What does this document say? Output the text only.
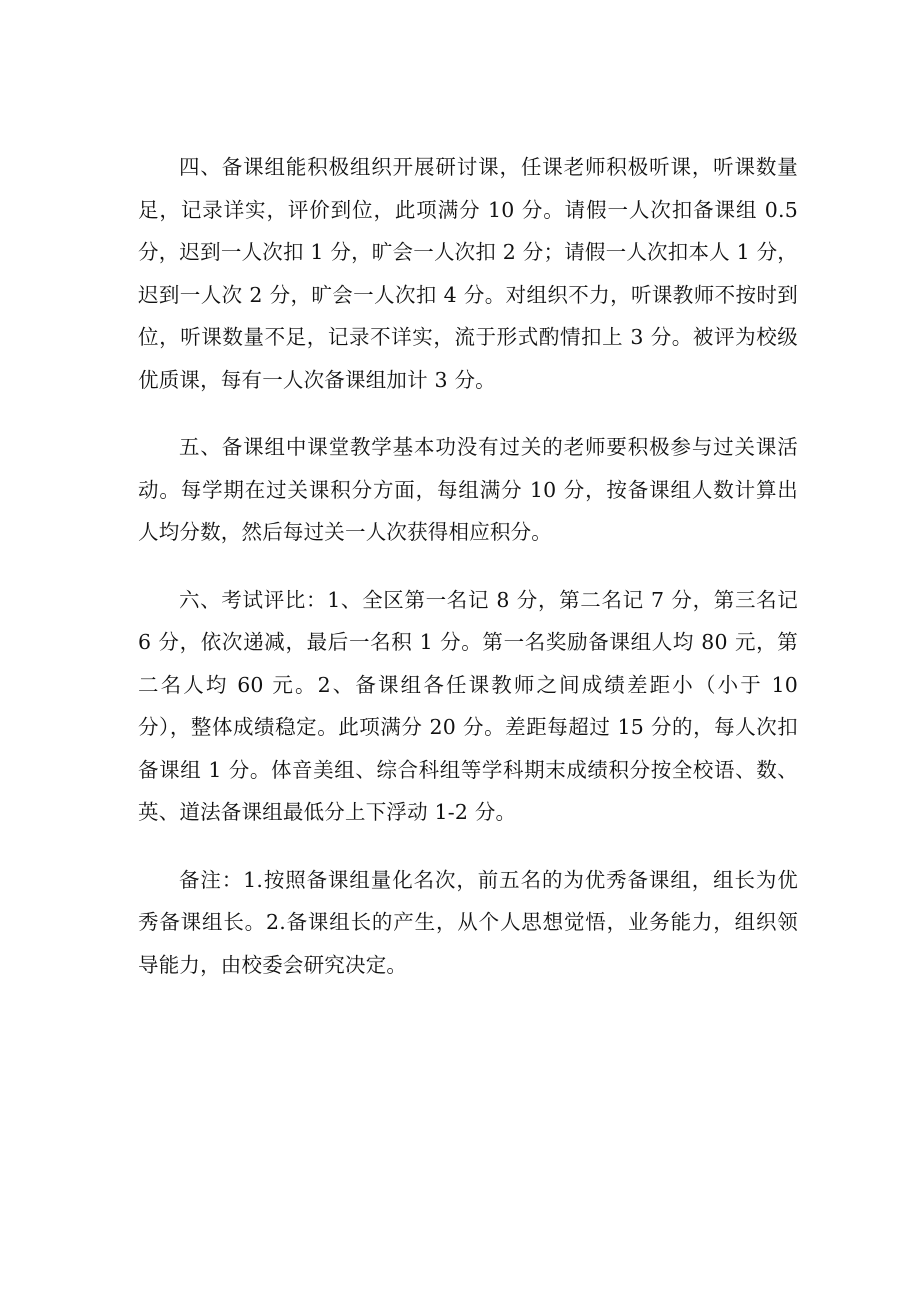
四、备课组能积极组织开展研讨课，任课老师积极听课，听课数量足，记录详实，评价到位，此项满分 10 分。请假一人次扣备课组 0.5 分，迟到一人次扣 1 分，旷会一人次扣 2 分；请假一人次扣本人 1 分，迟到一人次 2 分，旷会一人次扣 4 分。对组织不力，听课教师不按时到位，听课数量不足，记录不详实，流于形式酌情扣上 3 分。被评为校级优质课，每有一人次备课组加计 3 分。

五、备课组中课堂教学基本功没有过关的老师要积极参与过关课活动。每学期在过关课积分方面，每组满分 10 分，按备课组人数计算出人均分数，然后每过关一人次获得相应积分。

六、考试评比：1、全区第一名记 8 分，第二名记 7 分，第三名记 6 分，依次递减，最后一名积 1 分。第一名奖励备课组人均 80 元，第二名人均 60 元。2、备课组各任课教师之间成绩差距小（小于 10 分），整体成绩稳定。此项满分 20 分。差距每超过 15 分的，每人次扣备课组 1 分。体音美组、综合科组等学科期末成绩积分按全校语、数、英、道法备课组最低分上下浮动 1-2 分。

备注：1.按照备课组量化名次，前五名的为优秀备课组，组长为优秀备课组长。2.备课组长的产生，从个人思想觉悟，业务能力，组织领导能力，由校委会研究决定。
